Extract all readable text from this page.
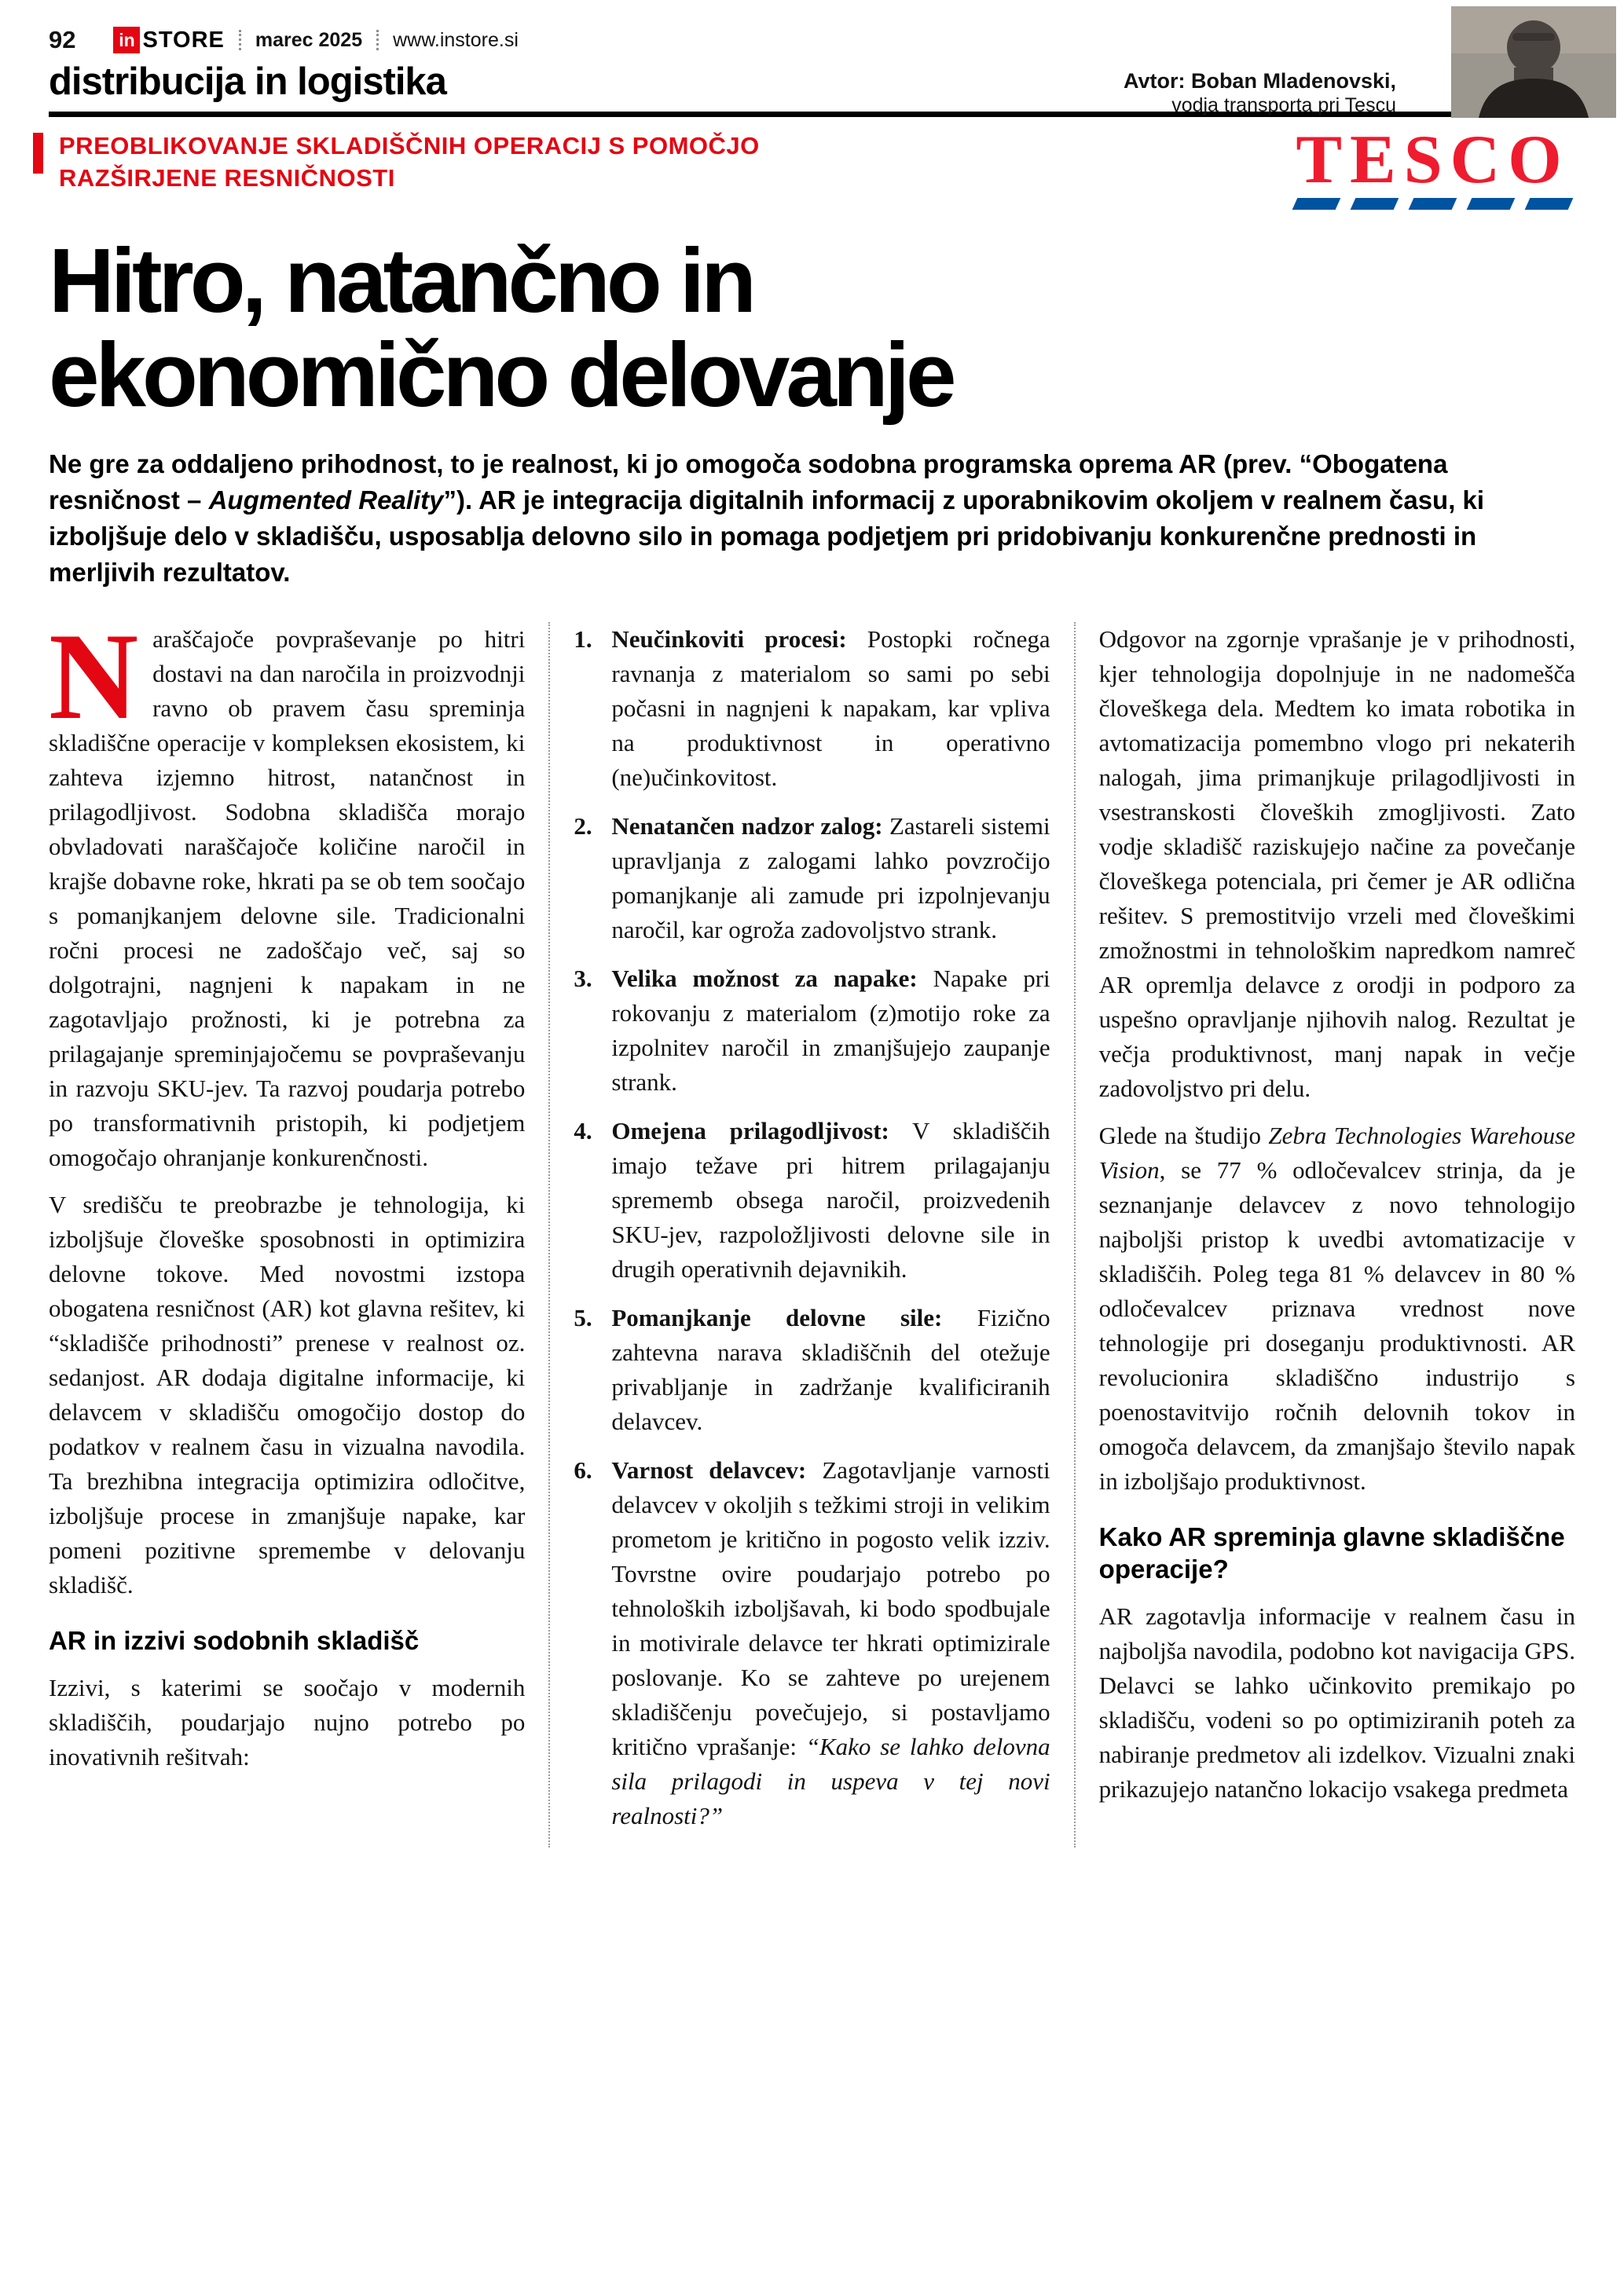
92 in STORE marec 2025 www.instore.si
distribucija in logistika	Avtor: Boban Mladenovski,
vodja transporta pri Tescu
PREOBLIKOVANJE SKLADIŠČNIH OPERACIJ S POMOČJO
RAZŠIRJENE RESNIČNOSTI	TESCO
Hitro, natančno in
ekonomično delovanje

Ne gre za oddaljeno prihodnost, to je realnost, ki jo omogoča sodobna programska oprema AR (prev. “Obogatena resničnost – Augmented Reality”). AR je integracija digitalnih informacij z uporabnikovim okoljem v realnem času, ki izboljšuje delo v skladišču, usposablja delovno silo in pomaga podjetjem pri pridobivanju konkurenčne prednosti in merljivih rezultatov.

Naraščajoče povpraševanje po hitri dostavi na dan naročila in proizvodnji ravno ob pravem času spreminja skladiščne operacije v kompleksen ekosistem, ki zahteva izjemno hitrost, natančnost in prilagodljivost. Sodobna skladišča morajo obvladovati naraščajoče količine naročil in krajše dobavne roke, hkrati pa se ob tem soočajo s pomanjkanjem delovne sile. Tradicionalni ročni procesi ne zadoščajo več, saj so dolgotrajni, nagnjeni k napakam in ne zagotavljajo prožnosti, ki je potrebna za prilagajanje spreminjajočemu se povpraševanju in razvoju SKU-jev. Ta razvoj poudarja potrebo po transformativnih pristopih, ki podjetjem omogočajo ohranjanje konkurenčnosti.

V središču te preobrazbe je tehnologija, ki izboljšuje človeške sposobnosti in optimizira delovne tokove. Med novostmi izstopa obogatena resničnost (AR) kot glavna rešitev, ki “skladišče prihodnosti” prenese v realnost oz. sedanjost. AR dodaja digitalne informacije, ki delavcem v skladišču omogočijo dostop do podatkov v realnem času in vizualna navodila. Ta brezhibna integracija optimizira odločitve, izboljšuje procese in zmanjšuje napake, kar pomeni pozitivne spremembe v delovanju skladišč.

AR in izzivi sodobnih skladišč

Izzivi, s katerimi se soočajo v modernih skladiščih, poudarjajo nujno potrebo po inovativnih rešitvah:

1. Neučinkoviti procesi: Postopki ročnega ravnanja z materialom so sami po sebi počasni in nagnjeni k napakam, kar vpliva na produktivnost in operativno (ne)učinkovitost.
2. Nenatančen nadzor zalog: Zastareli sistemi upravljanja z zalogami lahko povzročijo pomanjkanje ali zamude pri izpolnjevanju naročil, kar ogroža zadovoljstvo strank.
3. Velika možnost za napake: Napake pri rokovanju z materialom (z)motijo roke za izpolnitev naročil in zmanjšujejo zaupanje strank.
4. Omejena prilagodljivost: V skladiščih imajo težave pri hitrem prilagajanju sprememb obsega naročil, proizvedenih SKU-jev, razpoložljivosti delovne sile in drugih operativnih dejavnikih.
5. Pomanjkanje delovne sile: Fizično zahtevna narava skladiščnih del otežuje privabljanje in zadržanje kvalificiranih delavcev.
6. Varnost delavcev: Zagotavljanje varnosti delavcev v okoljih s težkimi stroji in velikim prometom je kritično in pogosto velik izziv. Tovrstne ovire poudarjajo potrebo po tehnoloških izboljšavah, ki bodo spodbujale in motivirale delavce ter hkrati optimizirale poslovanje. Ko se zahteve po urejenem skladiščenju povečujejo, si postavljamo kritično vprašanje: “Kako se lahko delovna sila prilagodi in uspeva v tej novi realnosti?”

Odgovor na zgornje vprašanje je v prihodnosti, kjer tehnologija dopolnjuje in ne nadomešča človeškega dela. Medtem ko imata robotika in avtomatizacija pomembno vlogo pri nekaterih nalogah, jima primanjkuje prilagodljivosti in vsestranskosti človeških zmogljivosti. Zato vodje skladišč raziskujejo načine za povečanje človeškega potenciala, pri čemer je AR odlična rešitev. S premostitvijo vrzeli med človeškimi zmožnostmi in tehnološkim napredkom namreč AR opremlja delavce z orodji in podporo za uspešno opravljanje njihovih nalog. Rezultat je večja produktivnost, manj napak in večje zadovoljstvo pri delu.

Glede na študijo Zebra Technologies Warehouse Vision, se 77 % odločevalcev strinja, da je seznanjanje delavcev z novo tehnologijo najboljši pristop k uvedbi avtomatizacije v skladiščih. Poleg tega 81 % delavcev in 80 % odločevalcev priznava vrednost nove tehnologije pri doseganju produktivnosti. AR revolucionira skladiščno industrijo s poenostavitvijo ročnih delovnih tokov in omogoča delavcem, da zmanjšajo število napak in izboljšajo produktivnost.

Kako AR spreminja glavne skladiščne operacije?

AR zagotavlja informacije v realnem času in najboljša navodila, podobno kot navigacija GPS. Delavci se lahko učinkovito premikajo po skladišču, vodeni so po optimiziranih poteh za nabiranje predmetov ali izdelkov. Vizualni znaki prikazujejo natančno lokacijo vsakega predmeta
